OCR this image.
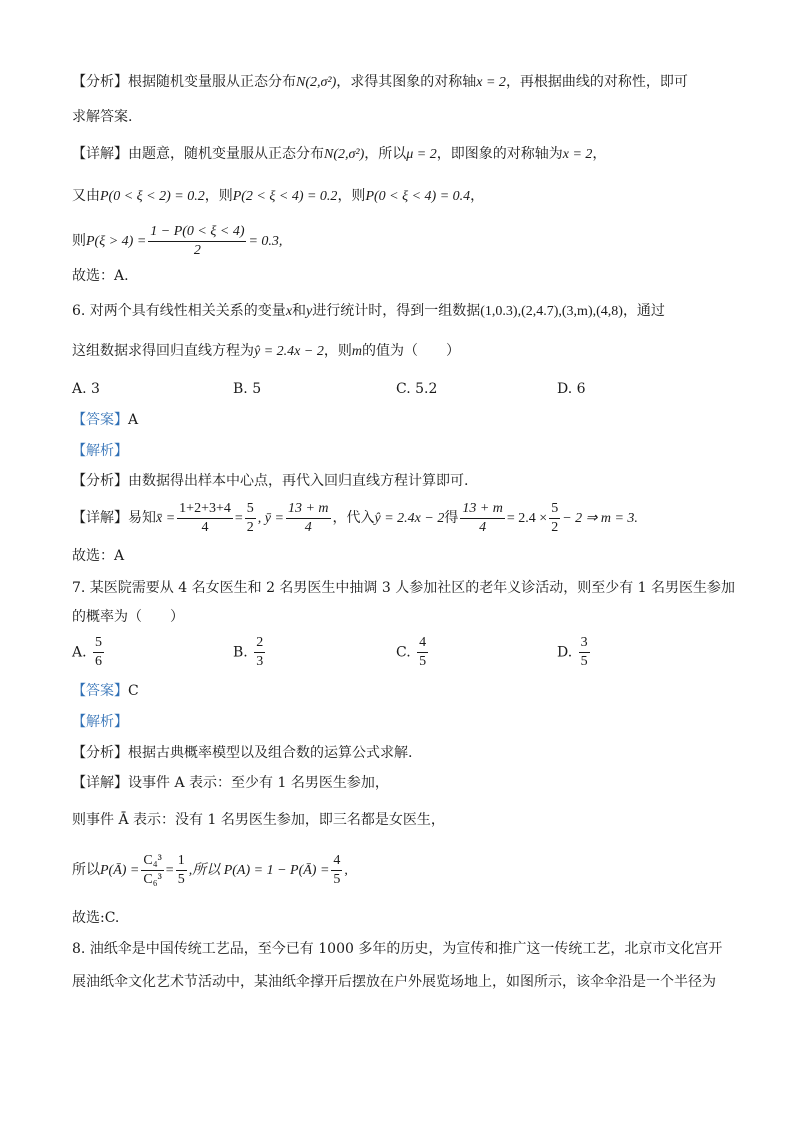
【分析】根据随机变量服从正态分布N(2,σ²)，求得其图象的对称轴x = 2，再根据曲线的对称性，即可
求解答案.
【详解】由题意，随机变量服从正态分布N(2,σ²)，所以μ = 2，即图象的对称轴为x = 2，
又由P(0 < ξ < 2) = 0.2，则P(2 < ξ < 4) = 0.2，则P(0 < ξ < 4) = 0.4，
则$P(\xi > 4) = \frac{1 - P(0 < \xi < 4)}{2} = 0.3$,
故选：A.
6. 对两个具有线性相关关系的变量x和y进行统计时，得到一组数据(1,0.3),(2,4.7),(3,m),(4,8)，通过
这组数据求得回归直线方程为ŷ = 2.4x − 2，则m的值为（　　）
A. 3	B. 5	C. 5.2	D. 6
【答案】A
【解析】
【分析】由数据得出样本中心点，再代入回归直线方程计算即可.
【详解】易知x̄ = $\frac{1+2+3+4}{4} = \frac{5}{2}$ , ȳ = $\frac{13 + m}{4}$ ，代入ŷ = 2.4x − 2得 $\frac{13 + m}{4} = 2.4 \times \frac{5}{2} - 2$ ⇒ m = 3.
故选：A
7. 某医院需要从 4 名女医生和 2 名男医生中抽调 3 人参加社区的老年义诊活动，则至少有 1 名男医生参加
的概率为（　　）
A. $\frac{5}{6}$	B. $\frac{2}{3}$	C. $\frac{4}{5}$	D. $\frac{3}{5}$
【答案】C
【解析】
【分析】根据古典概率模型以及组合数的运算公式求解.
【详解】设事件 A 表示：至少有 1 名男医生参加，
则事件 Ā 表示：没有 1 名男医生参加，即三名都是女医生，
所以P(Ā) = $\frac{\text{C₄³}}{\text{C₆³}} = \frac{1}{5}$ ,所以 P(A) = 1 − P(Ā) = $\frac{4}{5}$ ,
故选:C.
8. 油纸伞是中国传统工艺品，至今已有 1000 多年的历史，为宣传和推广这一传统工艺，北京市文化宫开
展油纸伞文化艺术节活动中，某油纸伞撑开后摆放在户外展览场地上，如图所示，该伞伞沿是一个半径为
